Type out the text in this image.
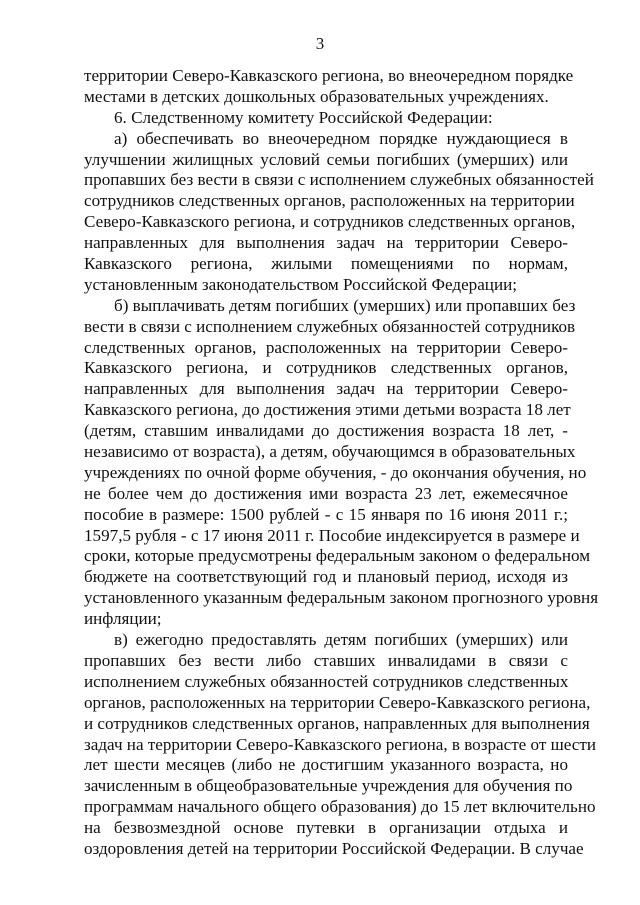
3
территории Северо-Кавказского региона, во внеочередном порядке
местами в детских дошкольных образовательных учреждениях.
6. Следственному комитету Российской Федерации:
а) обеспечивать во внеочередном порядке нуждающиеся в
улучшении жилищных условий семьи погибших (умерших) или
пропавших без вести в связи с исполнением служебных обязанностей
сотрудников следственных органов, расположенных на территории
Северо-Кавказского региона, и сотрудников следственных органов,
направленных для выполнения задач на территории Северо-
Кавказского региона, жилыми помещениями по нормам,
установленным законодательством Российской Федерации;
б) выплачивать детям погибших (умерших) или пропавших без
вести в связи с исполнением служебных обязанностей сотрудников
следственных органов, расположенных на территории Северо-
Кавказского региона, и сотрудников следственных органов,
направленных для выполнения задач на территории Северо-
Кавказского региона, до достижения этими детьми возраста 18 лет
(детям, ставшим инвалидами до достижения возраста 18 лет, -
независимо от возраста), а детям, обучающимся в образовательных
учреждениях по очной форме обучения, - до окончания обучения, но
не более чем до достижения ими возраста 23 лет, ежемесячное
пособие в размере: 1500 рублей - с 15 января по 16 июня 2011 г.;
1597,5 рубля - с 17 июня 2011 г. Пособие индексируется в размере и
сроки, которые предусмотрены федеральным законом о федеральном
бюджете на соответствующий год и плановый период, исходя из
установленного указанным федеральным законом прогнозного уровня
инфляции;
в) ежегодно предоставлять детям погибших (умерших) или
пропавших без вести либо ставших инвалидами в связи с
исполнением служебных обязанностей сотрудников следственных
органов, расположенных на территории Северо-Кавказского региона,
и сотрудников следственных органов, направленных для выполнения
задач на территории Северо-Кавказского региона, в возрасте от шести
лет шести месяцев (либо не достигшим указанного возраста, но
зачисленным в общеобразовательные учреждения для обучения по
программам начального общего образования) до 15 лет включительно
на безвозмездной основе путевки в организации отдыха и
оздоровления детей на территории Российской Федерации. В случае
